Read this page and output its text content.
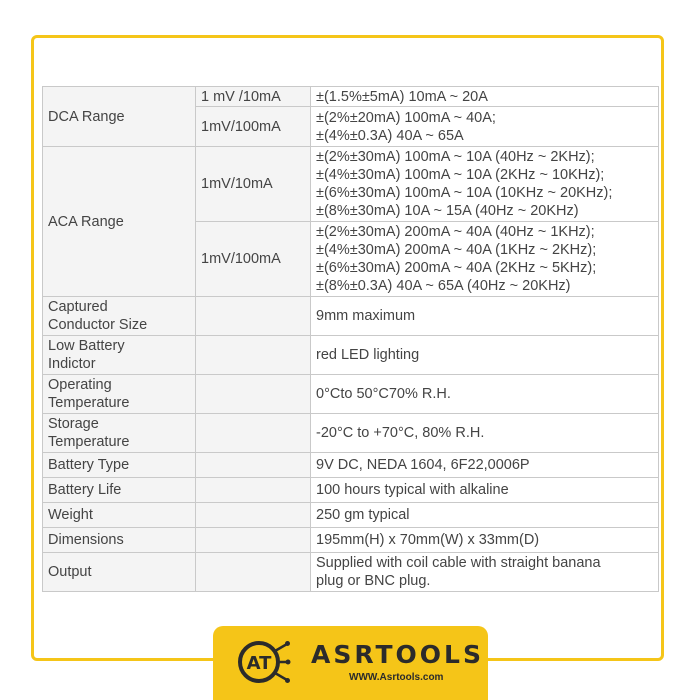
DCA Range	1 mV /10mA	±(1.5%±5mA) 10mA ~ 20A

	1mV/100mA	±(2%±20mA) 100mA ~ 40A;
±(4%±0.3A) 40A ~ 65A

ACA Range	1mV/10mA	±(2%±30mA) 100mA ~ 10A (40Hz ~ 2KHz);
±(4%±30mA) 100mA ~ 10A (2KHz ~ 10KHz);
±(6%±30mA) 100mA ~ 10A (10KHz ~ 20KHz);
±(8%±30mA) 10A ~ 15A (40Hz ~ 20KHz)

	1mV/100mA	±(2%±30mA) 200mA ~ 40A (40Hz ~ 1KHz);
±(4%±30mA) 200mA ~ 40A (1KHz ~ 2KHz);
±(6%±30mA) 200mA ~ 40A (2KHz ~ 5KHz);
±(8%±0.3A) 40A ~ 65A (40Hz ~ 20KHz)

Captured
Conductor Size		9mm maximum

Low Battery
Indictor		red LED lighting

Operating
Temperature		0°Cto 50°C70% R.H.

Storage
Temperature		-20°C to +70°C, 80% R.H.
Battery Type		9V DC, NEDA 1604, 6F22,0006P
Battery Life		100 hours typical with alkaline
Weight		250 gm typical
Dimensions		195mm(H) x 70mm(W) x 33mm(D)
Output		Supplied with coil cable with straight banana
plug or BNC plug.
AT ASRTOOLS
WWW.Asrtools.com
